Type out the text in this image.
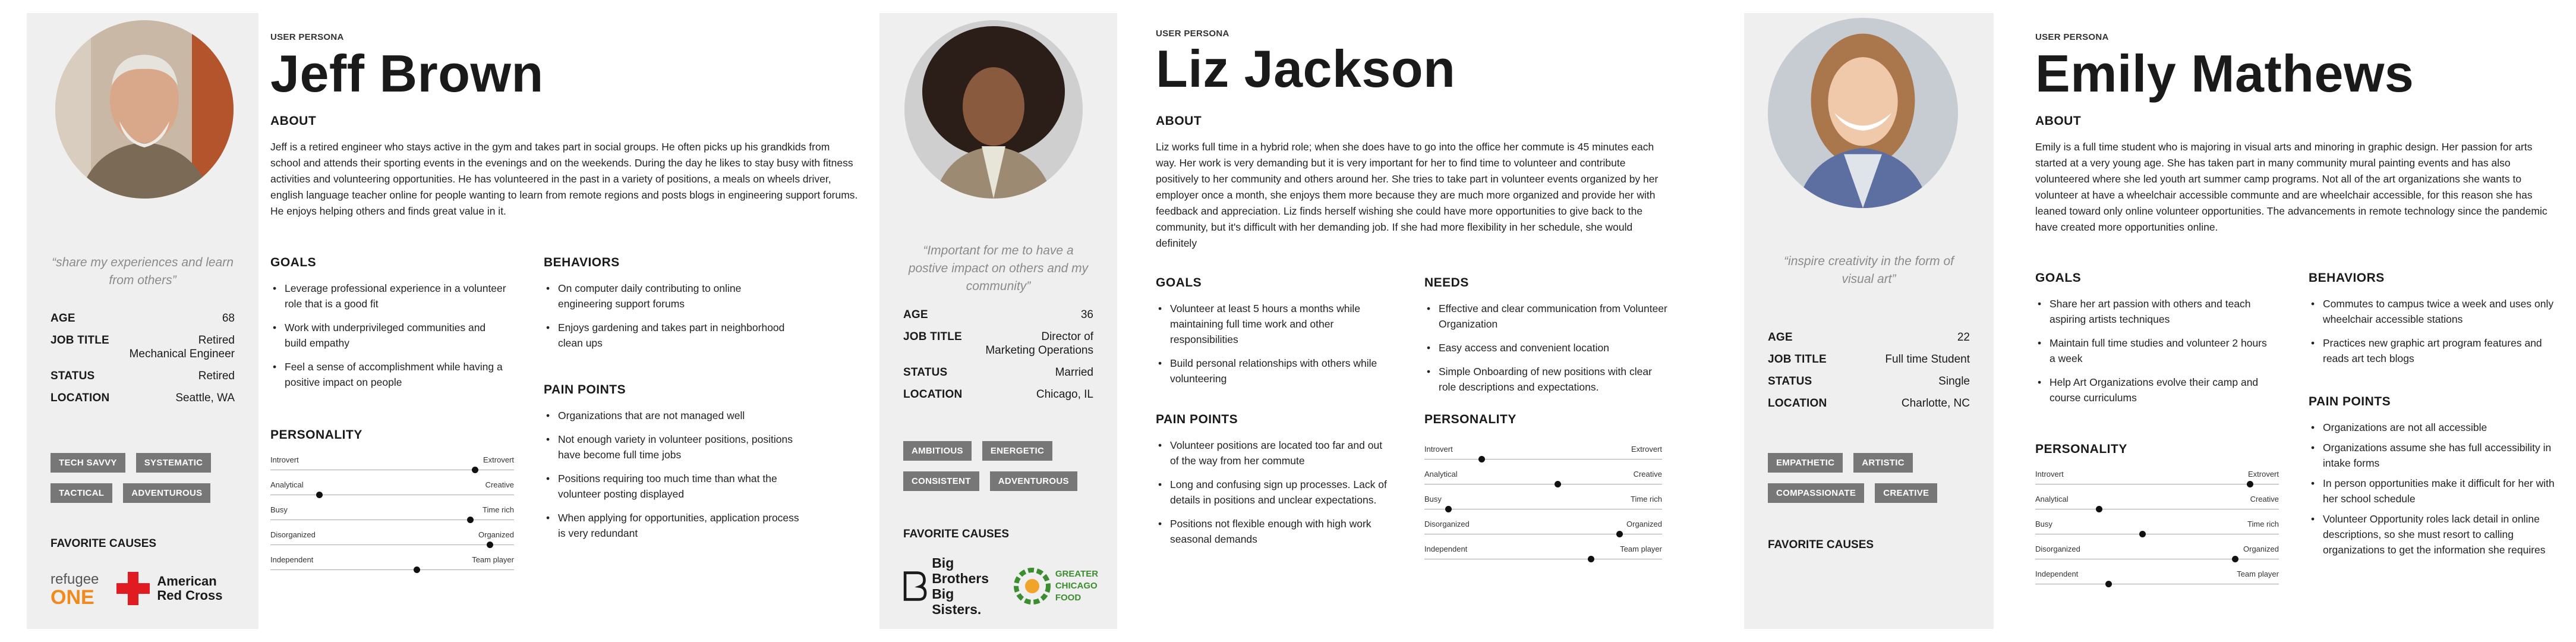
“share my experiences and learn from others”
AGE	68
JOB TITLE	Retired
Mechanical Engineer
STATUS	Retired
LOCATION	Seattle, WA
TECH SAVVY	SYSTEMATIC
TACTICAL	ADVENTUROUS
FAVORITE CAUSES
refugee
ONE
American
Red Cross
USER PERSONA
Jeff Brown
ABOUT
Jeff is a retired engineer who stays active in the gym and takes part in social groups. He often picks up his grandkids from school and attends their sporting events in the evenings and on the weekends. During the day he likes to stay busy with fitness activities and volunteering opportunities. He has volunteered in the past in a variety of positions, a meals on wheels driver, english language teacher online for people wanting to learn from remote regions and posts blogs in engineering support forums. He enjoys helping others and finds great value in it.
GOALS
• Leverage professional experience in a volunteer role that is a good fit
• Work with underprivileged communities and build empathy
• Feel a sense of accomplishment while having a positive impact on people
BEHAVIORS
• On computer daily contributing to online engineering support forums
• Enjoys gardening and takes part in neighborhood clean ups
PAIN POINTS
• Organizations that are not managed well
• Not enough variety in volunteer positions, positions have become full time jobs
• Positions requiring too much time than what the volunteer posting displayed
• When applying for opportunities, application process is very redundant
PERSONALITY
Introvert	Extrovert
Analytical	Creative
Busy	Time rich
Disorganized	Organized
Independent	Team player
“Important for me to have a postive impact on others and my community”
AGE	36
JOB TITLE	Director of
Marketing Operations
STATUS	Married
LOCATION	Chicago, IL
AMBITIOUS	ENERGETIC
CONSISTENT	ADVENTUROUS
FAVORITE CAUSES
Big Brothers
Big Sisters.
GREATER
CHICAGO FOOD
USER PERSONA
Liz Jackson
ABOUT
Liz works full time in a hybrid role; when she does have to go into the office her commute is 45 minutes each way. Her work is very demanding but it is very important for her to find time to volunteer and contribute positively to her community and others around her. She tries to take part in volunteer events organized by her employer once a month, she enjoys them more because they are much more organized and provide her with feedback and appreciation. Liz finds herself wishing she could have more opportunities to give back to the community, but it's difficult with her demanding job. If she had more flexibility in her schedule, she would definitely
GOALS
• Volunteer at least 5 hours a months while maintaining full time work and other responsibilities
• Build personal relationships with others while volunteering
NEEDS
• Effective and clear communication from Volunteer Organization
• Easy access and convenient location
• Simple Onboarding of new positions with clear role descriptions and expectations.
PAIN POINTS
• Volunteer positions are located too far and out of the way from her commute
• Long and confusing sign up processes. Lack of details in positions and unclear expectations.
• Positions not flexible enough with high work seasonal demands
PERSONALITY
Introvert	Extrovert
Analytical	Creative
Busy	Time rich
Disorganized	Organized
Independent	Team player
“inspire creativity in the form of visual art”
AGE	22
JOB TITLE	Full time Student
STATUS	Single
LOCATION	Charlotte, NC
EMPATHETIC	ARTISTIC
COMPASSIONATE	CREATIVE
FAVORITE CAUSES
USER PERSONA
Emily Mathews
ABOUT
Emily is a full time student who is majoring in visual arts and minoring in graphic design. Her passion for arts started at a very young age. She has taken part in many community mural painting events and has also volunteered where she led youth art summer camp programs. Not all of the art organizations she wants to volunteer at have a wheelchair accessible communte and are wheelchair accessible, for this reason she has leaned toward only online volunteer opportunities. The advancements in remote technology since the pandemic have created more opportunities online.
GOALS
• Share her art passion with others and teach aspiring artists techniques
• Maintain full time studies and volunteer 2 hours a week
• Help Art Organizations evolve their camp and course curriculums
BEHAVIORS
• Commutes to campus twice a week and uses only wheelchair accessible stations
• Practices new graphic art program features and reads art tech blogs
PAIN POINTS
• Organizations are not all accessible
• Organizations assume she has full accessibility in intake forms
• In person opportunities make it difficult for her with her school schedule
• Volunteer Opportunity roles lack detail in online descriptions, so she must resort to calling organizations to get the information she requires
PERSONALITY
Introvert	Extrovert
Analytical	Creative
Busy	Time rich
Disorganized	Organized
Independent	Team player
